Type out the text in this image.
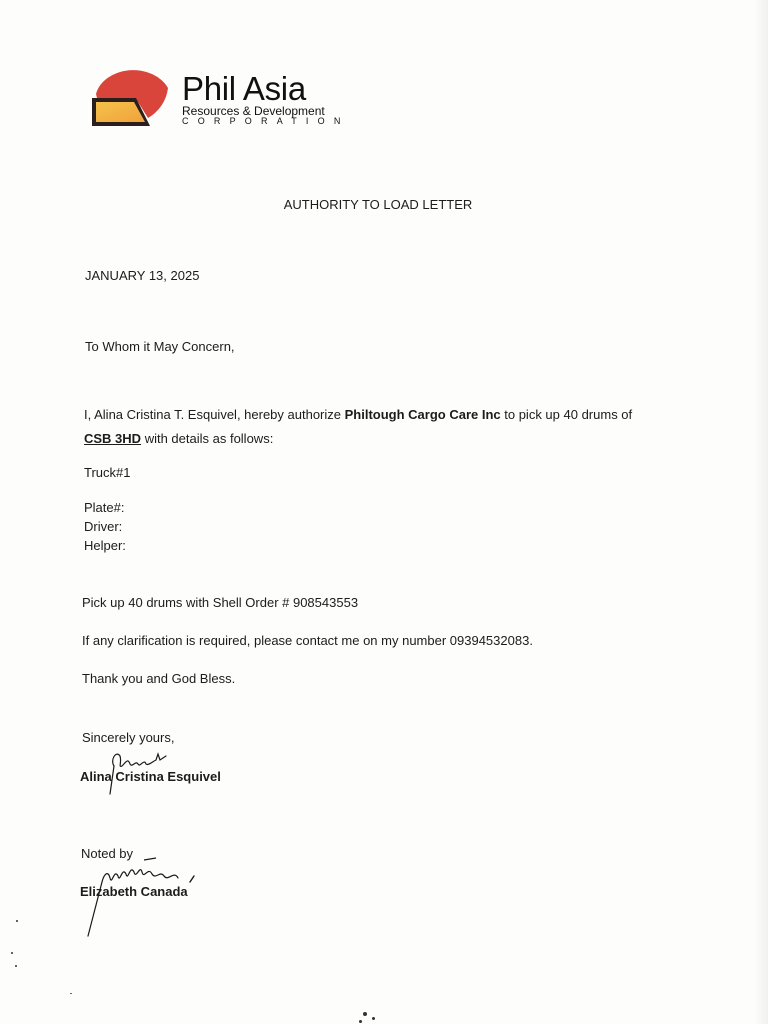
Phil Asia
Resources & Development
CORPORATION
AUTHORITY TO LOAD LETTER
JANUARY 13, 2025
To Whom it May Concern,
I, Alina Cristina T. Esquivel, hereby authorize Philtough Cargo Care Inc to pick up 40 drums of
CSB 3HD with details as follows:
Truck#1
Plate#:
Driver:
Helper:
Pick up 40 drums with Shell Order # 908543553
If any clarification is required, please contact me on my number 09394532083.
Thank you and God Bless.
Sincerely yours,
Alina Cristina Esquivel
Noted by
Elizabeth Canada
